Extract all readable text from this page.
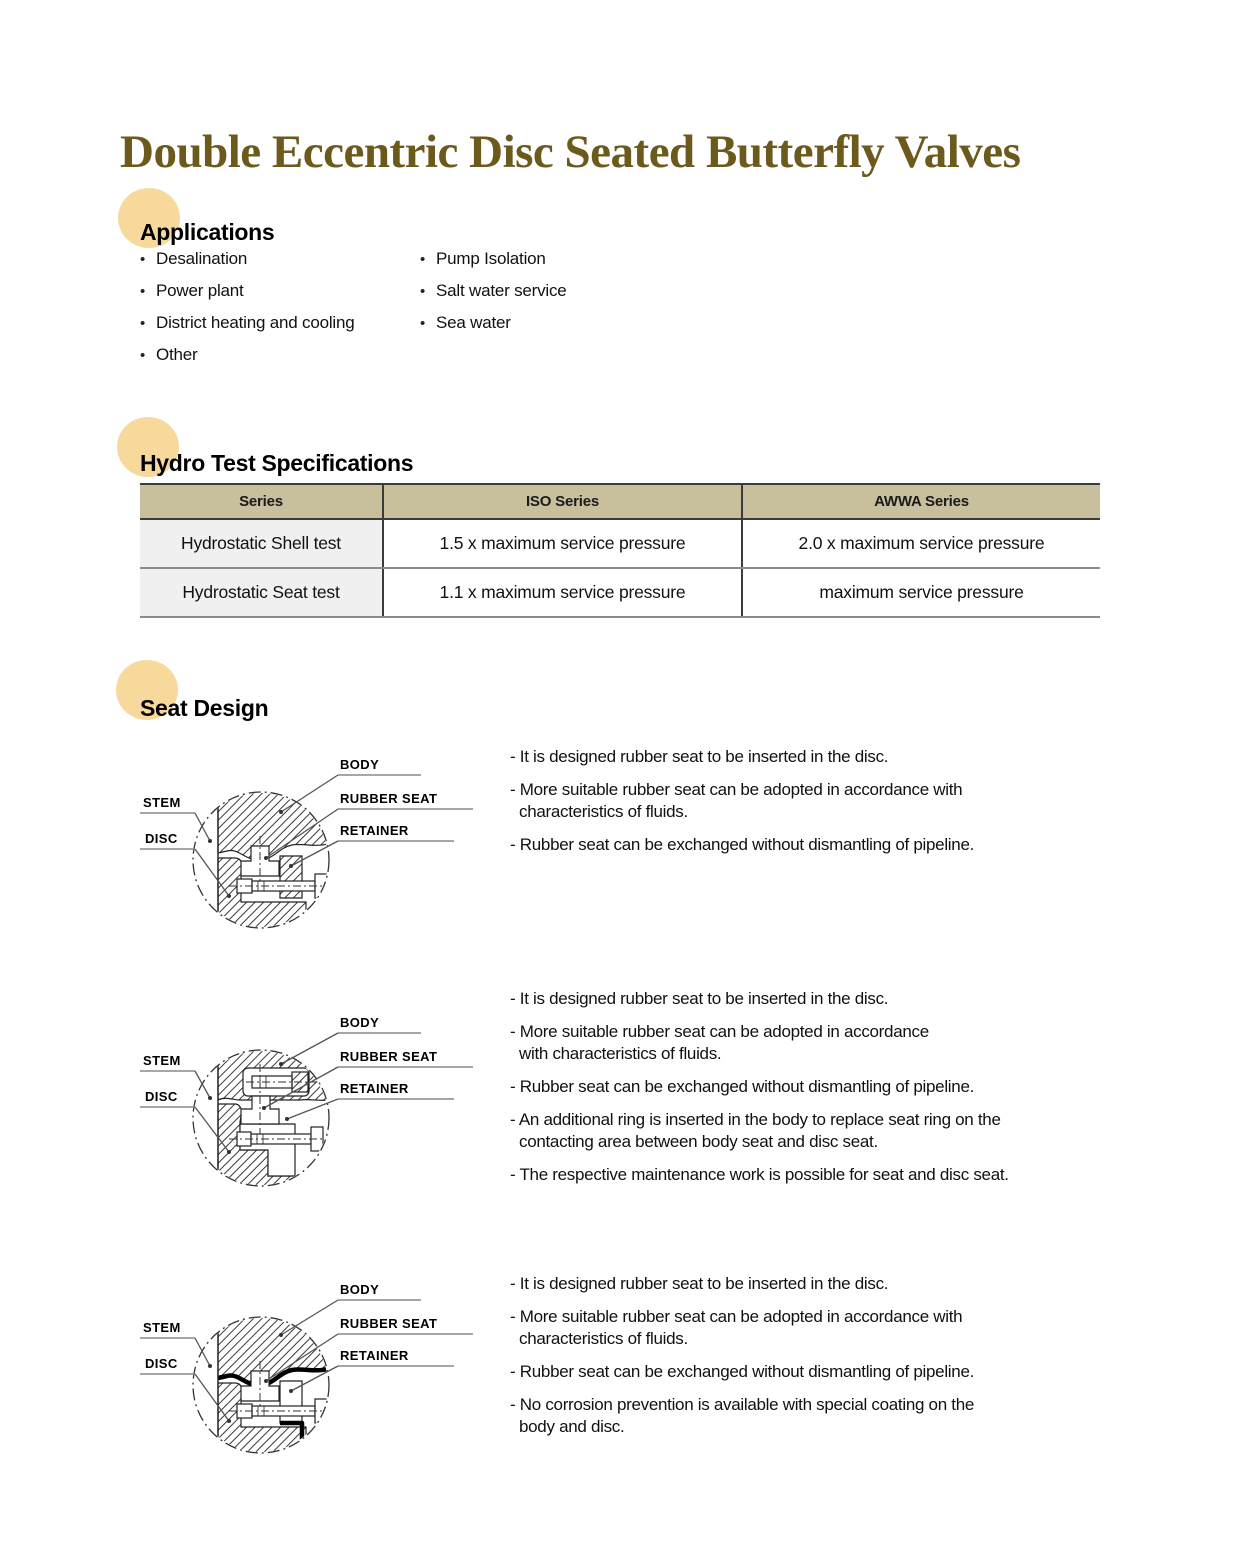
Double Eccentric Disc Seated Butterfly Valves
Applications
•Desalination
•Power plant
•District heating and cooling
•Other
•Pump Isolation
•Salt water service
•Sea water
Hydro Test Specifications
Series	ISO Series	AWWA Series
Hydrostatic Shell test	1.5 x maximum service pressure	2.0 x maximum service pressure
Hydrostatic Seat test	1.1 x maximum service pressure	maximum service pressure
Seat Design
BODY
RUBBER SEAT
RETAINER
STEM
DISC
- It is designed rubber seat to be inserted in the disc.
- More suitable rubber seat can be adopted in accordance with
characteristics of fluids.
- Rubber seat can be exchanged without dismantling of pipeline.
BODY
RUBBER SEAT
RETAINER
STEM
DISC
- It is designed rubber seat to be inserted in the disc.
- More suitable rubber seat can be adopted in accordance
with characteristics of fluids.
- Rubber seat can be exchanged without dismantling of pipeline.
- An additional ring is inserted in the body to replace seat ring on the
contacting area between body seat and disc seat.
- The respective maintenance work is possible for seat and disc seat.
BODY
RUBBER SEAT
RETAINER
STEM
DISC
- It is designed rubber seat to be inserted in the disc.
- More suitable rubber seat can be adopted in accordance with
characteristics of fluids.
- Rubber seat can be exchanged without dismantling of pipeline.
- No corrosion prevention is available with special coating on the
body and disc.
